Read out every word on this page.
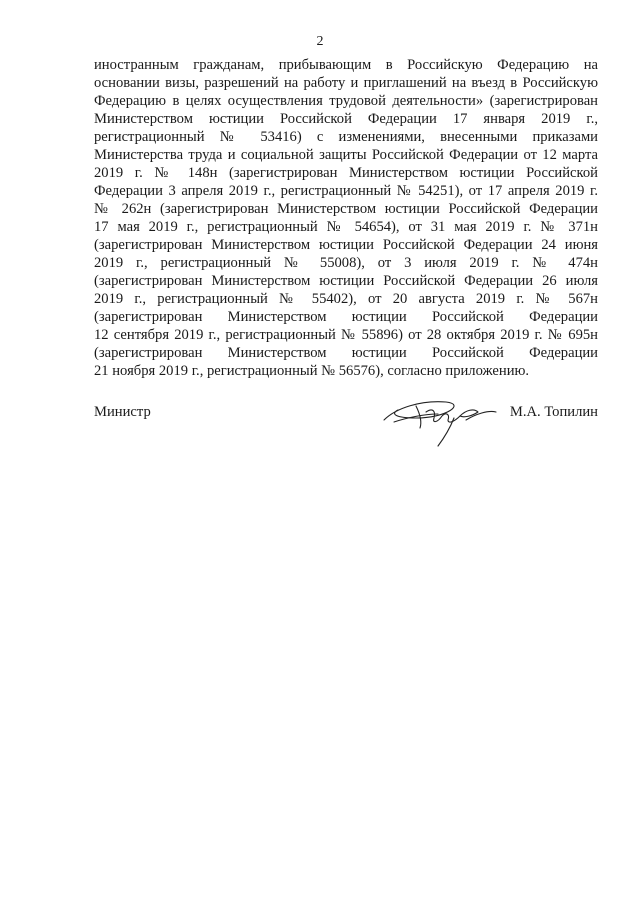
2
иностранным гражданам, прибывающим в Российскую Федерацию на
основании визы, разрешений на работу и приглашений на въезд в Российскую
Федерацию в целях осуществления трудовой деятельности» (зарегистрирован
Министерством юстиции Российской Федерации 17 января 2019 г.,
регистрационный № 53416) с изменениями, внесенными приказами
Министерства труда и социальной защиты Российской Федерации от 12 марта
2019 г. № 148н (зарегистрирован Министерством юстиции Российской
Федерации 3 апреля 2019 г., регистрационный № 54251), от 17 апреля 2019 г.
№ 262н (зарегистрирован Министерством юстиции Российской Федерации
17 мая 2019 г., регистрационный № 54654), от 31 мая 2019 г. № 371н
(зарегистрирован Министерством юстиции Российской Федерации 24 июня
2019 г., регистрационный № 55008), от 3 июля 2019 г. № 474н
(зарегистрирован Министерством юстиции Российской Федерации 26 июля
2019 г., регистрационный № 55402), от 20 августа 2019 г. № 567н
(зарегистрирован Министерством юстиции Российской Федерации
12 сентября 2019 г., регистрационный № 55896) от 28 октября 2019 г. № 695н
(зарегистрирован Министерством юстиции Российской Федерации
21 ноября 2019 г., регистрационный № 56576), согласно приложению.
Министр	М.А. Топилин
